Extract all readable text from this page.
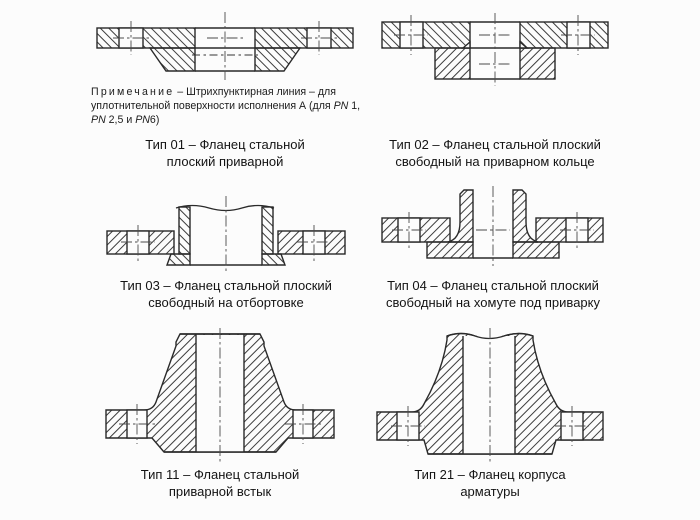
Примечание – Штрихпунктирная линия – для уплотнительной поверхности исполнения А (для PN 1, PN 2,5 и PN6)
Тип 01 – Фланец стальной плоский приварной
Тип 02 – Фланец стальной плоский свободный на приварном кольце
Тип 03 – Фланец стальной плоский свободный на отбортовке
Тип 04 – Фланец стальной плоский свободный на хомуте под приварку
Тип 11 – Фланец стальной приварной встык
Тип 21 – Фланец корпуса арматуры
